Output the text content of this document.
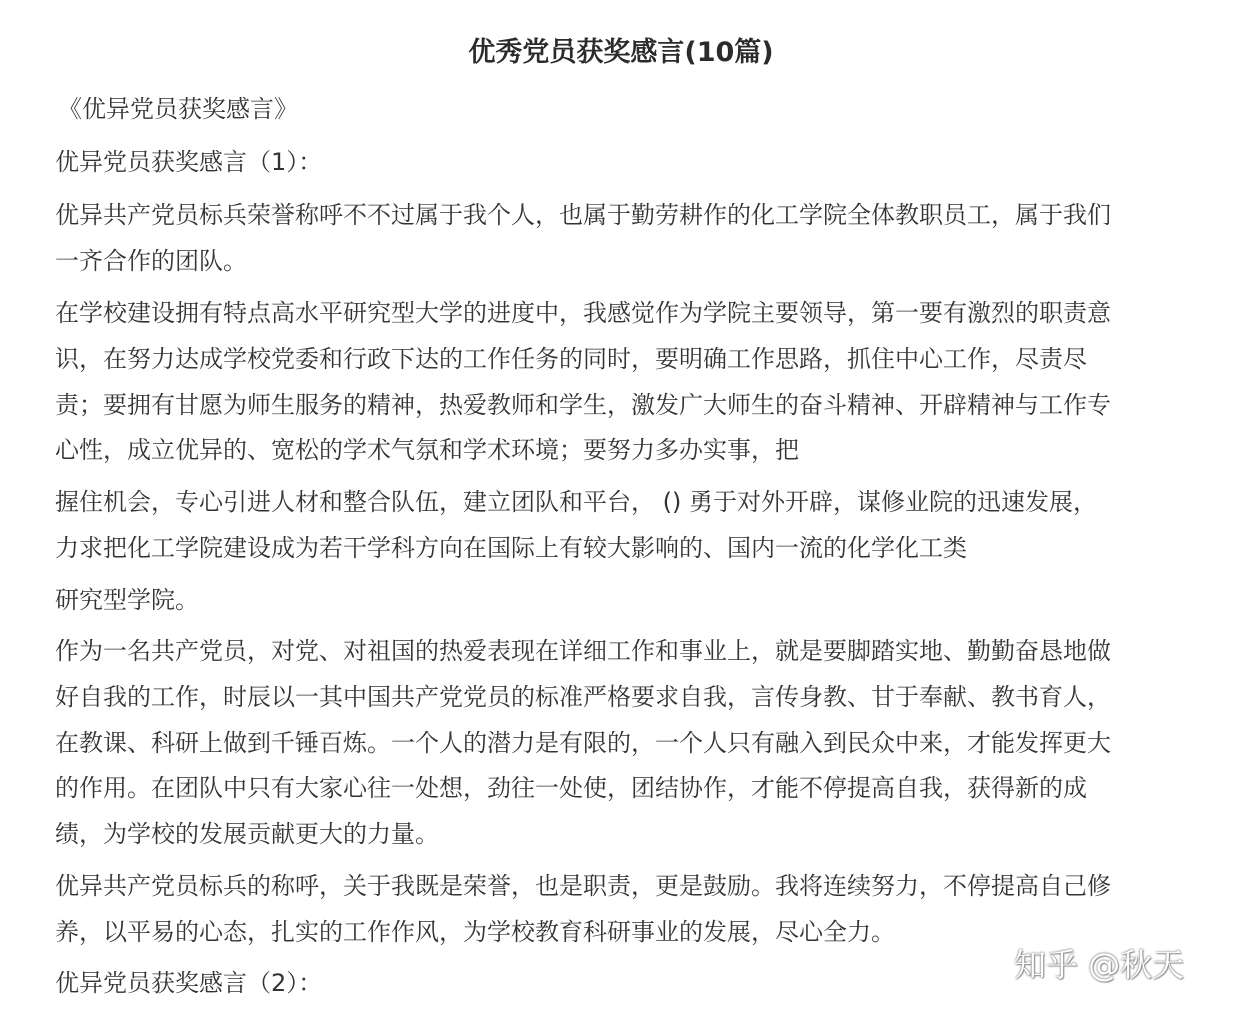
优秀党员获奖感言(10篇)

《优异党员获奖感言》

优异党员获奖感言（1）：

优异共产党员标兵荣誉称呼不不过属于我个人，也属于勤劳耕作的化工学院全体教职员工，属于我们

一齐合作的团队。

在学校建设拥有特点高水平研究型大学的进度中，我感觉作为学院主要领导，第一要有激烈的职责意

识，在努力达成学校党委和行政下达的工作任务的同时，要明确工作思路，抓住中心工作，尽责尽

责；要拥有甘愿为师生服务的精神，热爱教师和学生，激发广大师生的奋斗精神、开辟精神与工作专

心性，成立优异的、宽松的学术气氛和学术环境；要努力多办实事，把

握住机会，专心引进人材和整合队伍，建立团队和平台， () 勇于对外开辟，谋修业院的迅速发展，

力求把化工学院建设成为若干学科方向在国际上有较大影响的、国内一流的化学化工类

研究型学院。

作为一名共产党员，对党、对祖国的热爱表现在详细工作和事业上，就是要脚踏实地、勤勤奋恳地做

好自我的工作，时辰以一其中国共产党党员的标准严格要求自我，言传身教、甘于奉献、教书育人，

在教课、科研上做到千锤百炼。一个人的潜力是有限的，一个人只有融入到民众中来，才能发挥更大

的作用。在团队中只有大家心往一处想，劲往一处使，团结协作，才能不停提高自我，获得新的成

绩，为学校的发展贡献更大的力量。

优异共产党员标兵的称呼，关于我既是荣誉，也是职责，更是鼓励。我将连续努力，不停提高自己修

养，以平易的心态，扎实的工作作风，为学校教育科研事业的发展，尽心全力。

优异党员获奖感言（2）：	知乎 @秋天
